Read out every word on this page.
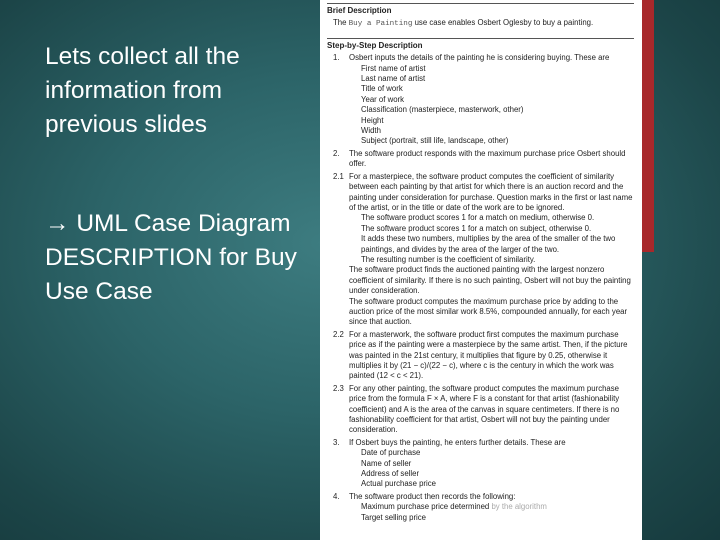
Lets collect all the information from previous slides
→ UML Case Diagram DESCRIPTION for Buy Use Case
Brief Description
The Buy a Painting use case enables Osbert Oglesby to buy a painting.
Step-by-Step Description
1.	Osbert inputs the details of the painting he is considering buying. These are
First name of artist
Last name of artist
Title of work
Year of work
Classification (masterpiece, masterwork, other)
Height
Width
Subject (portrait, still life, landscape, other)
2.	The software product responds with the maximum purchase price Osbert should offer.
2.1 For a masterpiece, the software product computes the coefficient of similarity between each painting by that artist for which there is an auction record and the painting under consideration for purchase. Question marks in the first or last name of the artist, or in the title or date of the work are to be ignored.
The software product scores 1 for a match on medium, otherwise 0.
The software product scores 1 for a match on subject, otherwise 0.
It adds these two numbers, multiplies by the area of the smaller of the two paintings, and divides by the area of the larger of the two.
The resulting number is the coefficient of similarity.
The software product finds the auctioned painting with the largest nonzero coefficient of similarity. If there is no such painting, Osbert will not buy the painting under consideration.
The software product computes the maximum purchase price by adding to the auction price of the most similar work 8.5%, compounded annually, for each year since that auction.
2.2 For a masterwork, the software product first computes the maximum purchase price as if the painting were a masterpiece by the same artist. Then, if the picture was painted in the 21st century, it multiplies that figure by 0.25, otherwise it multiplies it by (21 − c)/(22 − c), where c is the century in which the work was painted (12 < c < 21).
2.3 For any other painting, the software product computes the maximum purchase price from the formula F × A, where F is a constant for that artist (fashionability coefficient) and A is the area of the canvas in square centimeters. If there is no fashionability coefficient for that artist, Osbert will not buy the painting under consideration.
3.	If Osbert buys the painting, he enters further details. These are
Date of purchase
Name of seller
Address of seller
Actual purchase price
4.	The software product then records the following:
Maximum purchase price determined by the algorithm
Target selling price
